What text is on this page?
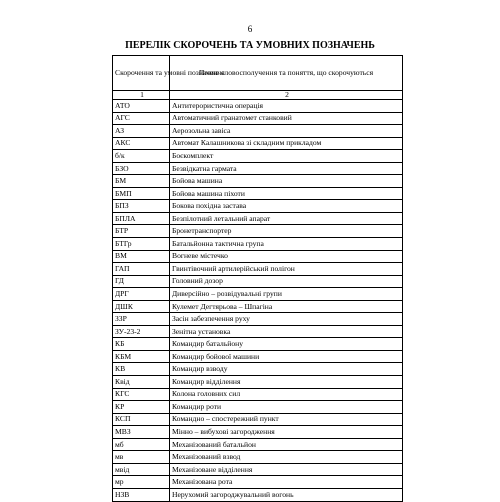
6
ПЕРЕЛІК СКОРОЧЕНЬ ТА УМОВНИХ ПОЗНАЧЕНЬ
Скорочення та умовні позначення	Повне словосполучення та поняття, що скорочуються
1	2
АТО	Антитерористична операція
АГС	Автоматичний гранатомет станковий
АЗ	Аерозольна завіса
АКС	Автомат Калашникова зі складним прикладом
б/к	Боєкомплект
БЗО	Безвідкатна гармата
БМ	Бойова машина
БМП	Бойова машина піхоти
БПЗ	Бокова похідна застава
БПЛА	Безпілотний летальний апарат
БТР	Бронетранспортер
БТГр	Батальйонна тактична група
ВМ	Вогневе містечко
ГАП	Гвинтівочний артилерійський полігон
ГД	Головний дозор
ДРГ	Диверсійно – розвідувальні групи
ДШК	Кулемет Дегтярьова – Шпагіна
ЗЗР	Засін забезпечення руху
ЗУ-23-2	Зенітна установка
КБ	Командир батальйону
КБМ	Командир бойової машини
КВ	Командир взводу
Квід	Командир відділення
КГС	Колона головних сил
КР	Командир роти
КСП	Командно – спостережний пункт
МВЗ	Мінно – вибухові загородження
мб	Механізований батальйон
мв	Механізований взвод
мвід	Механізоване відділення
мр	Механізована рота
НЗВ	Нерухомий загороджувальний вогонь
